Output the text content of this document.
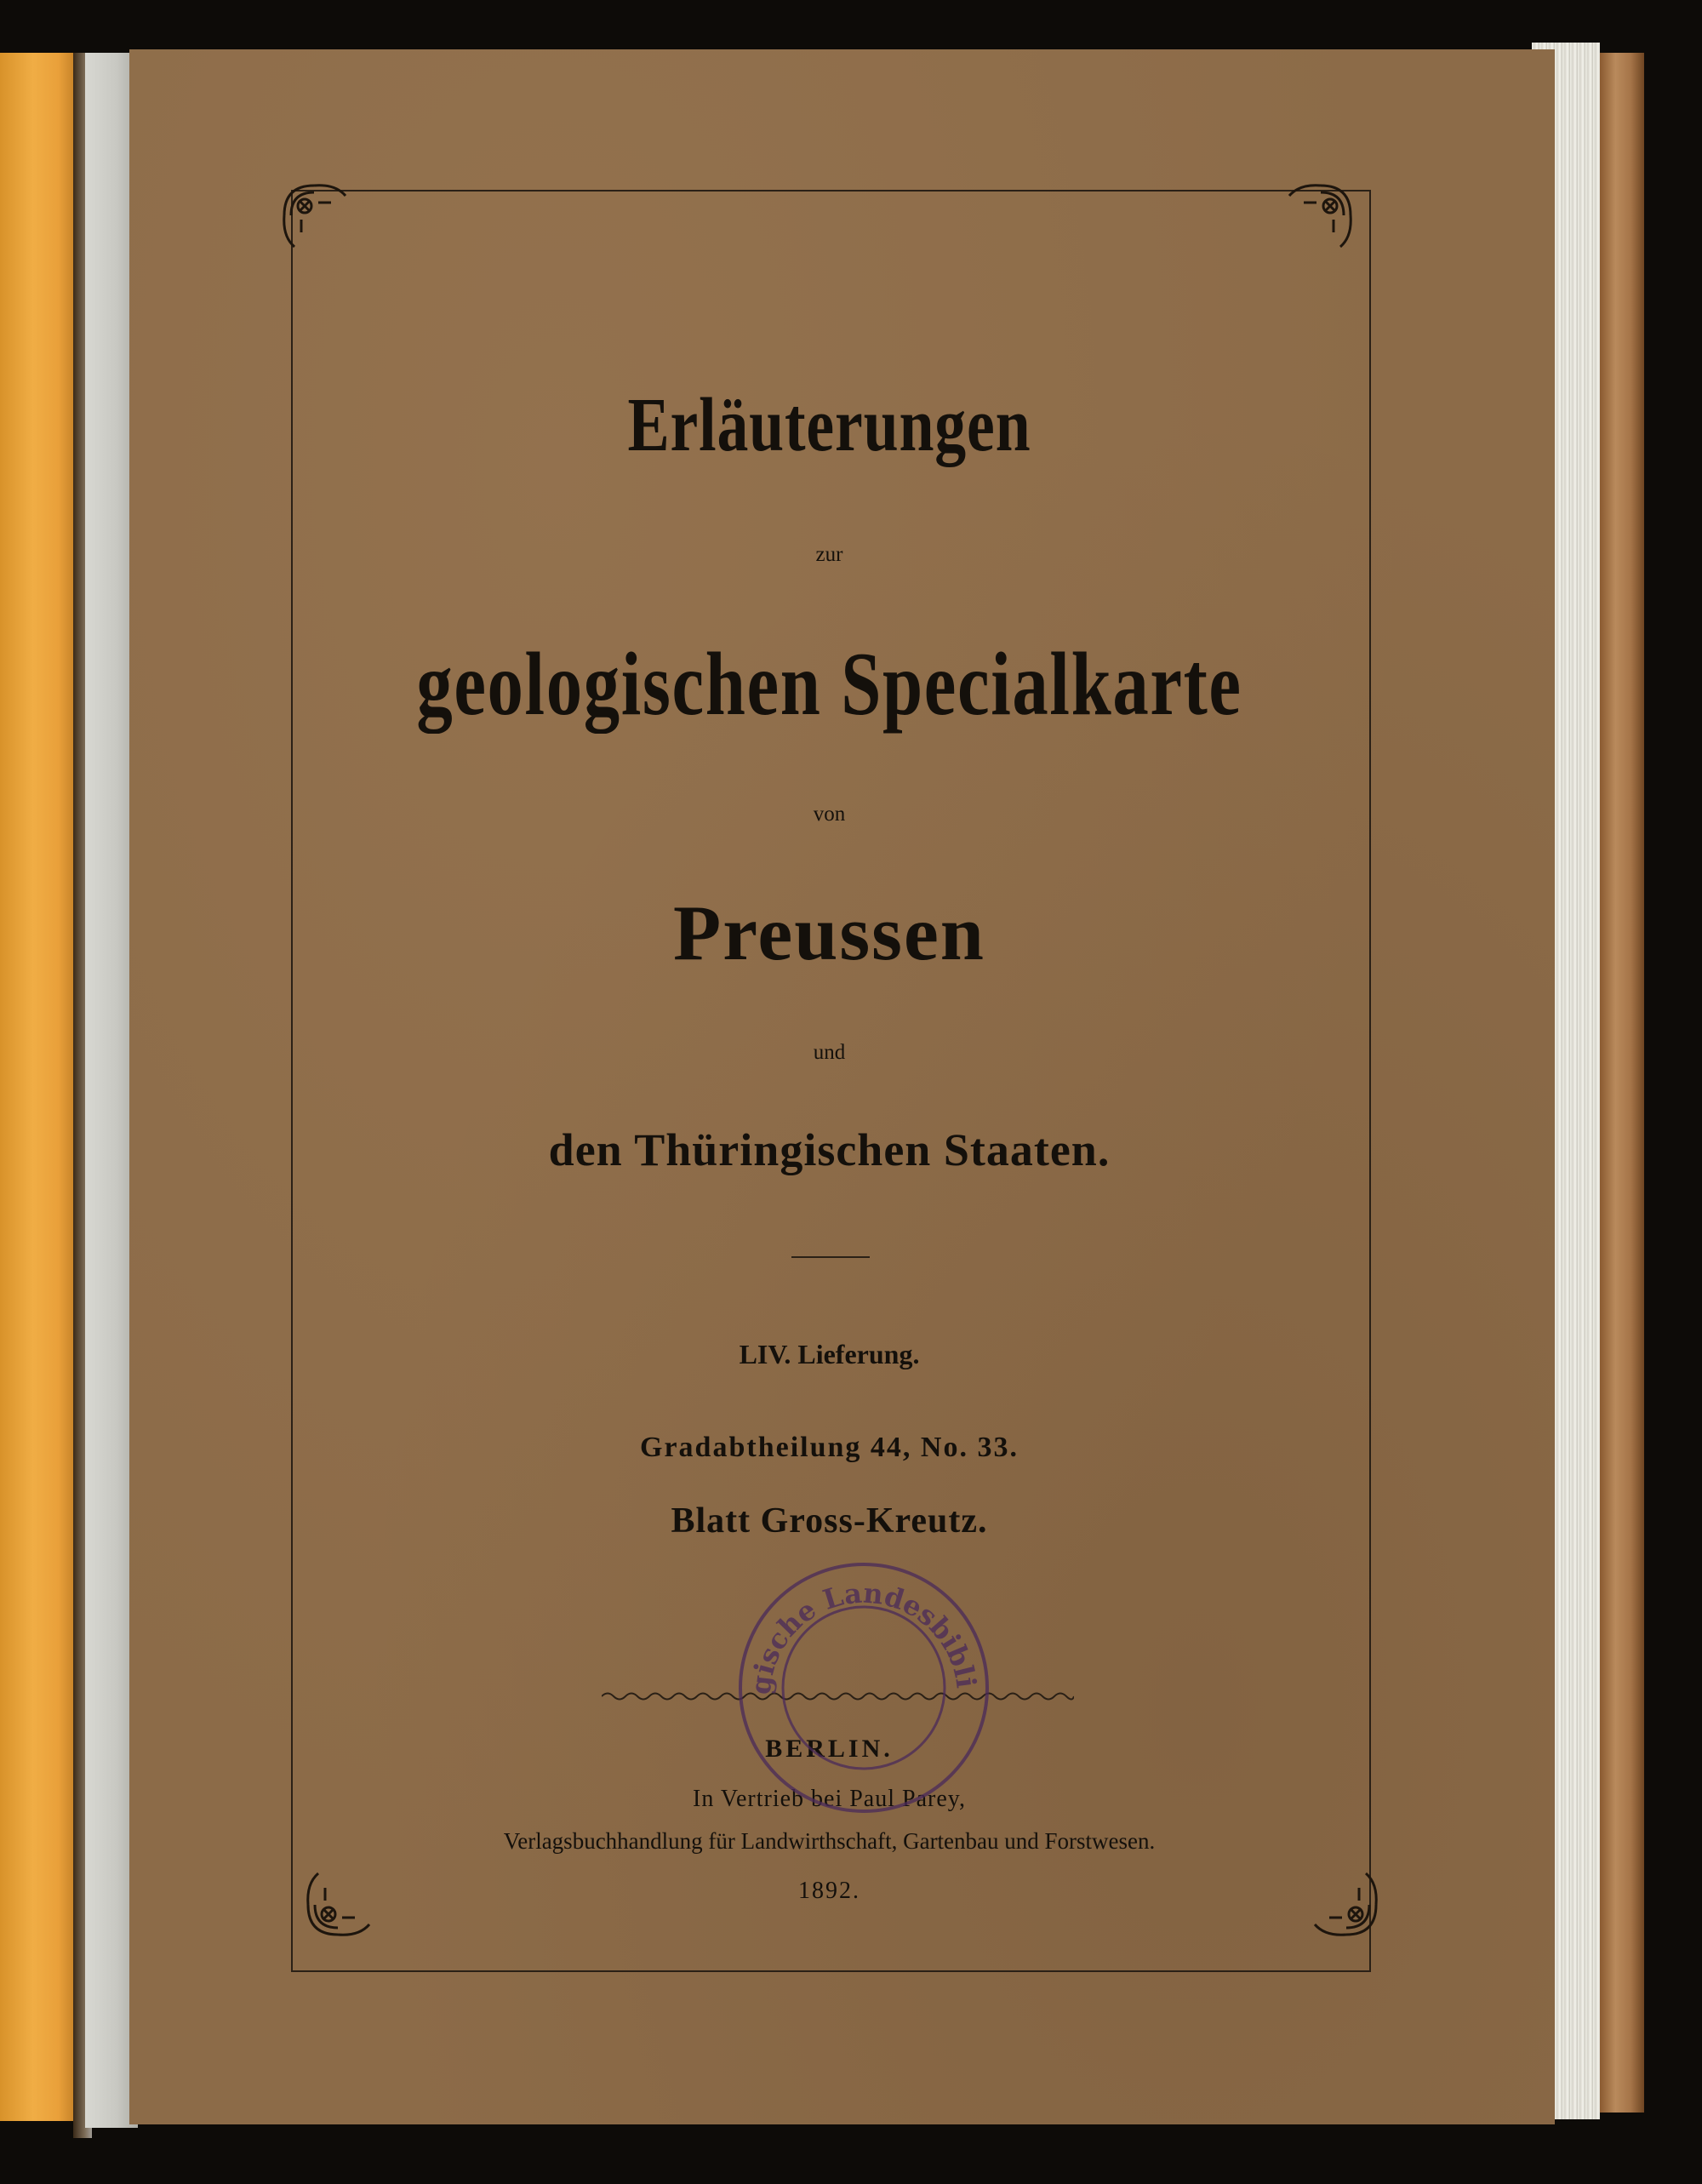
Erläuterungen
zur
geologischen Specialkarte
von
Preussen
und
den Thüringischen Staaten.
LIV. Lieferung.
Gradabtheilung 44, No. 33.
Blatt Gross-Kreutz.
BERLIN.
In Vertrieb bei Paul Parey,
Verlagsbuchhandlung für Landwirthschaft, Gartenbau und Forstwesen.
1892.
gische Landesbibli
